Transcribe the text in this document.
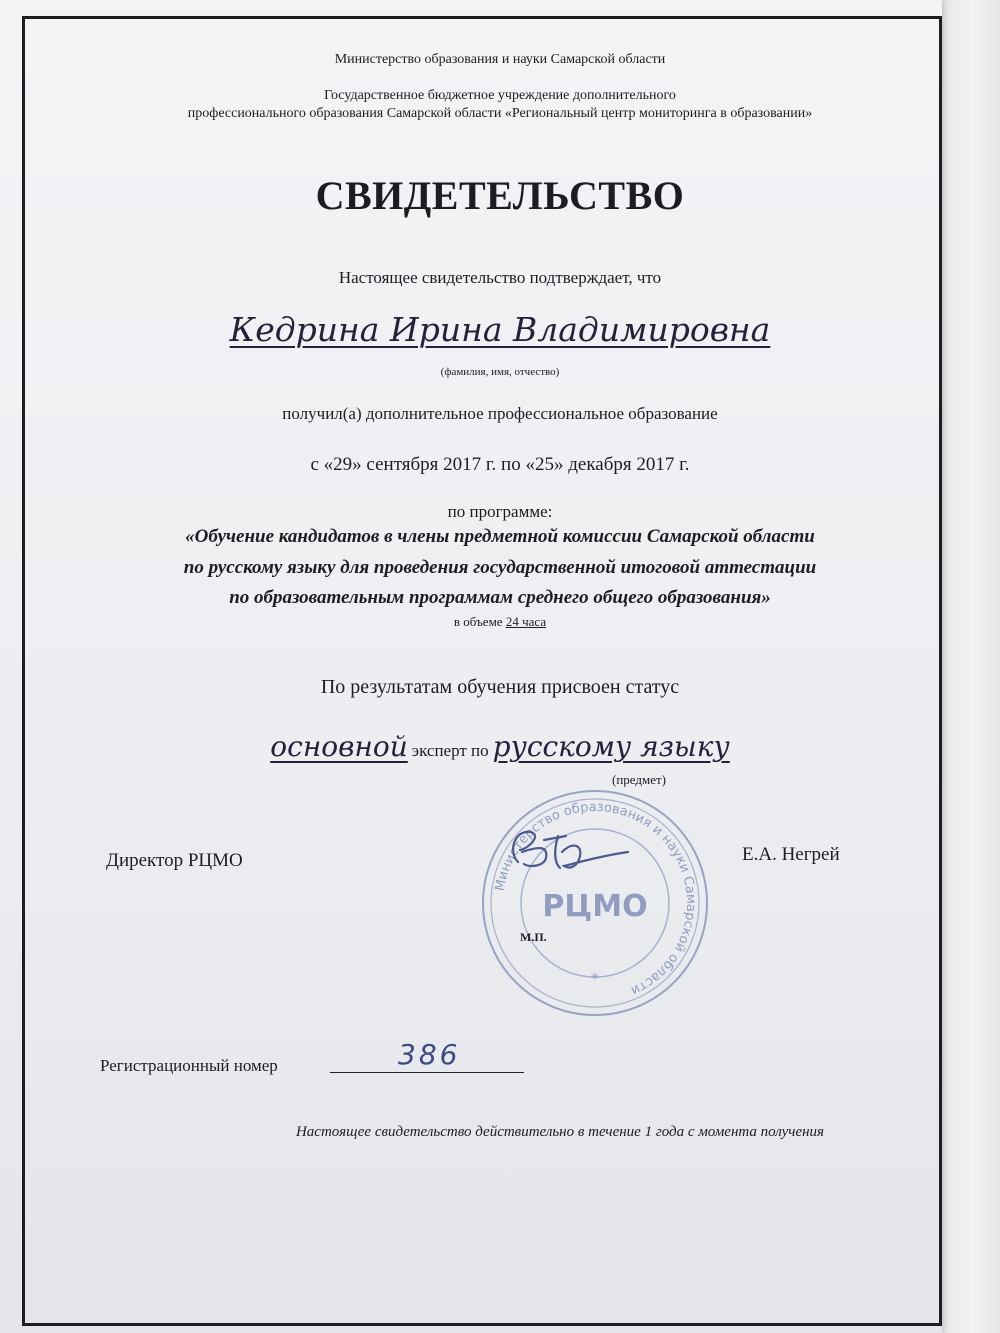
Министерство образования и науки Самарской области
Государственное бюджетное учреждение дополнительного
профессионального образования Самарской области «Региональный центр мониторинга в образовании»
СВИДЕТЕЛЬСТВО
Настоящее свидетельство подтверждает, что
Кедрина Ирина Владимировна
(фамилия, имя, отчество)
получил(а) дополнительное профессиональное образование
с «29» сентября 2017 г. по «25» декабря 2017 г.
по программе:
«Обучение кандидатов в члены предметной комиссии Самарской области
по русскому языку для проведения государственной итоговой аттестации
по образовательным программам среднего общего образования»
в объеме 24 часа
По результатам обучения присвоен статус
основной эксперт по русскому языку
(предмет)
Директор РЦМО	Е.А. Негрей
Министерство образования и науки Самарской области
РЦМО
*
М.П.
Регистрационный номер	386
Настоящее свидетельство действительно в течение 1 года с момента получения
